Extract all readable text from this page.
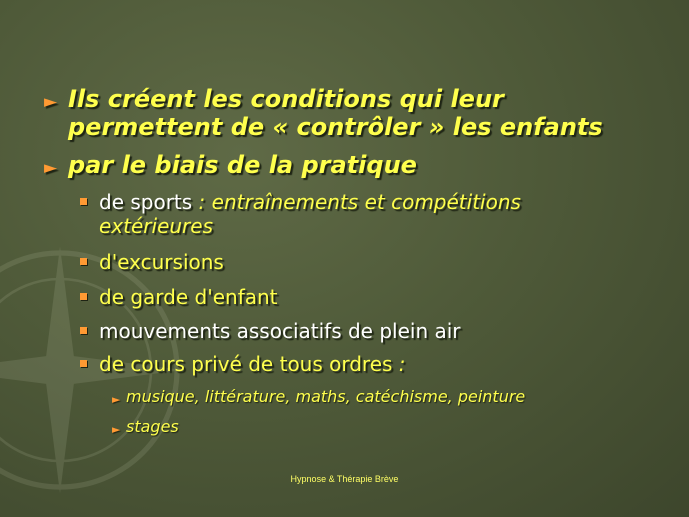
► Ils créent les conditions qui leur permettent de « contrôler » les enfants
► par le biais de la pratique
de sports : entraînements et compétitions extérieures
d'excursions
de garde d'enfant
mouvements associatifs de plein air
de cours privé de tous ordres :
► musique, littérature, maths, catéchisme, peinture
► stages
Hypnose & Thérapie Brève
